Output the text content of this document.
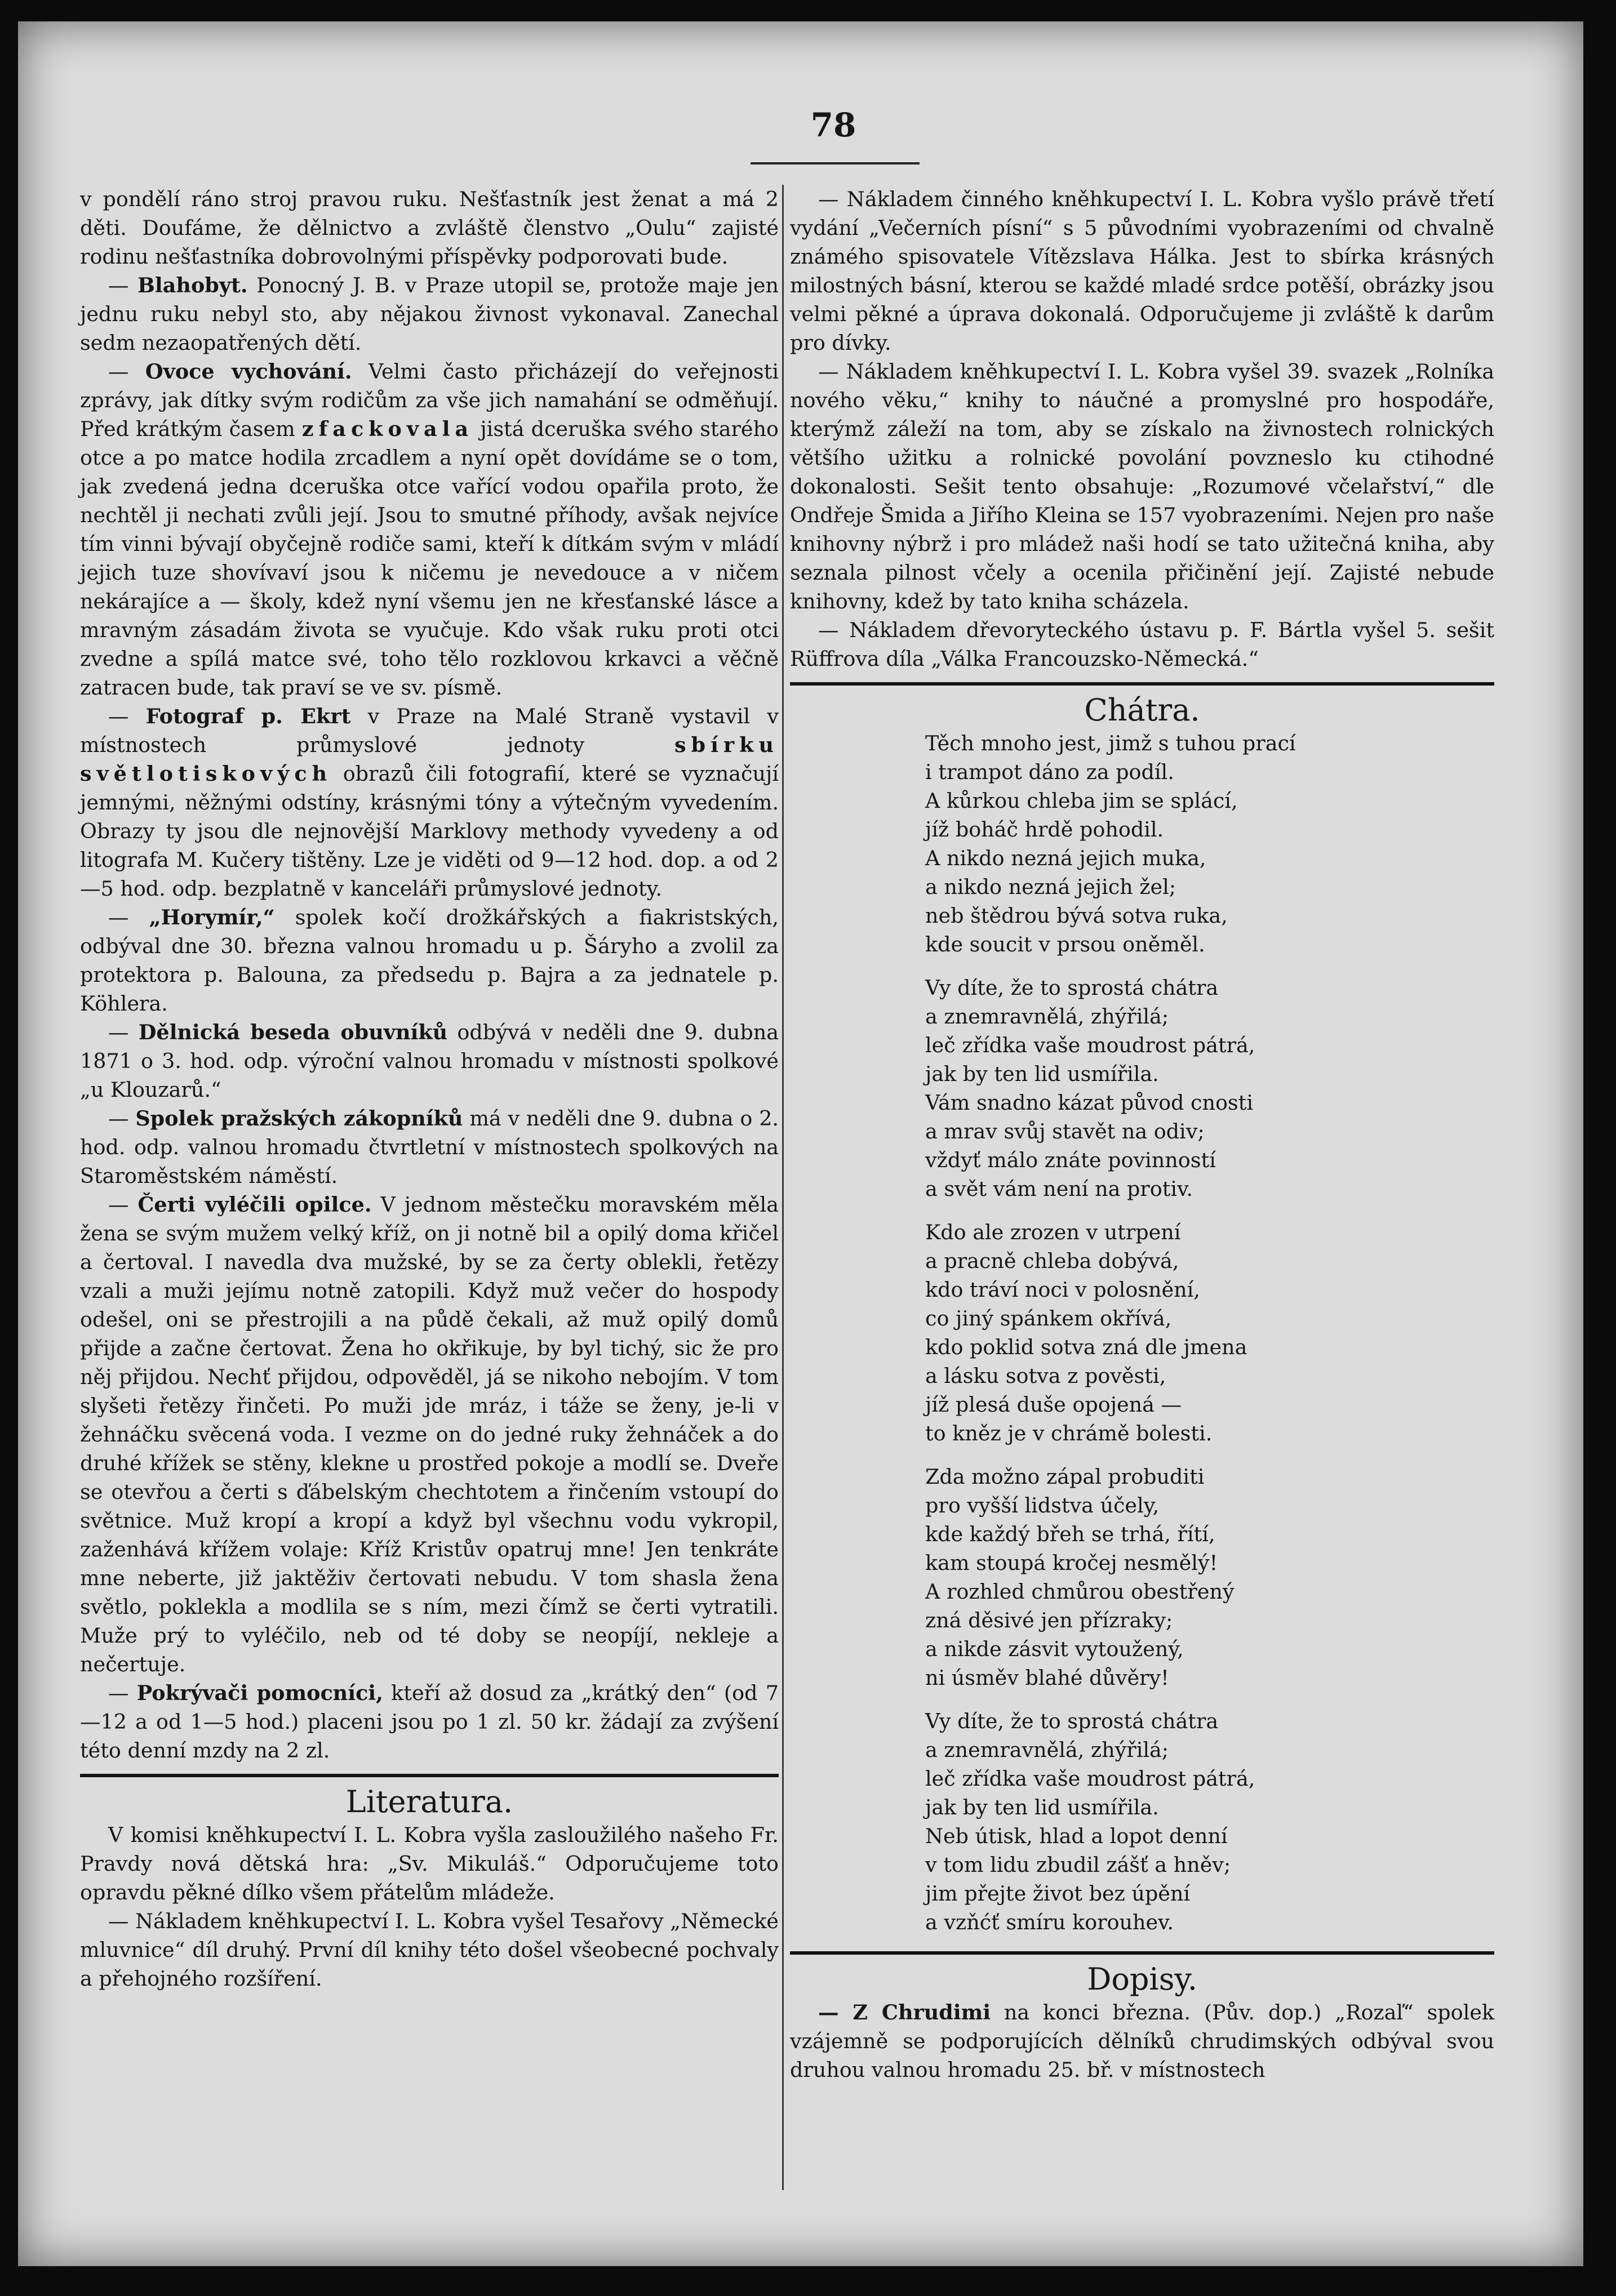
78

v pondělí ráno stroj pravou ruku. Nešťastník jest ženat a má 2 děti. Doufáme, že dělnictvo a zvláště členstvo „Oulu“ zajisté rodinu nešťastníka dobrovolnými příspěvky podporovati bude.

— Blahobyt. Ponocný J. B. v Praze utopil se, protože maje jen jednu ruku nebyl sto, aby nějakou živnost vykonaval. Zanechal sedm nezaopatřených dětí.

— Ovoce vychování. Velmi často přicházejí do veřejnosti zprávy, jak dítky svým rodičům za vše jich namahání se odměňují. Před krátkým časem zfackovala jistá dceruška svého starého otce a po matce hodila zrcadlem a nyní opět dovídáme se o tom, jak zvedená jedna dceruška otce vařící vodou opařila proto, že nechtěl ji nechati zvůli její. Jsou to smutné příhody, avšak nejvíce tím vinni bývají obyčejně rodiče sami, kteří k dítkám svým v mládí jejich tuze shovívaví jsou k ničemu je nevedouce a v ničem nekárajíce a — školy, kdež nyní všemu jen ne křesťanské lásce a mravným zásadám života se vyučuje. Kdo však ruku proti otci zvedne a spílá matce své, toho tělo rozklovou krkavci a věčně zatracen bude, tak praví se ve sv. písmě.

— Fotograf p. Ekrt v Praze na Malé Straně vystavil v místnostech průmyslové jednoty sbírku světlotiskových obrazů čili fotografií, které se vyznačují jemnými, něžnými odstíny, krásnými tóny a výtečným vyvedením. Obrazy ty jsou dle nejnovější Marklovy methody vyvedeny a od litografa M. Kučery tištěny. Lze je viděti od 9—12 hod. dop. a od 2—5 hod. odp. bezplatně v kanceláři průmyslové jednoty.

— „Horymír,“ spolek kočí drožkářských a fiakristských, odbýval dne 30. března valnou hromadu u p. Šáryho a zvolil za protektora p. Balouna, za předsedu p. Bajra a za jednatele p. Köhlera.

— Dělnická beseda obuvníků odbývá v neděli dne 9. dubna 1871 o 3. hod. odp. výroční valnou hromadu v místnosti spolkové „u Klouzarů.“

— Spolek pražských zákopníků má v neděli dne 9. dubna o 2. hod. odp. valnou hromadu čtvrtletní v místnostech spolkových na Staroměstském náměstí.

— Čerti vyléčili opilce. V jednom městečku moravském měla žena se svým mužem velký kříž, on ji notně bil a opilý doma křičel a čertoval. I navedla dva mužské, by se za čerty oblekli, řetězy vzali a muži jejímu notně zatopili. Když muž večer do hospody odešel, oni se přestrojili a na půdě čekali, až muž opilý domů přijde a začne čertovat. Žena ho okřikuje, by byl tichý, sic že pro něj přijdou. Nechť přijdou, odpověděl, já se nikoho nebojím. V tom slyšeti řetězy řinčeti. Po muži jde mráz, i táže se ženy, je-li v žehnáčku svěcená voda. I vezme on do jedné ruky žehnáček a do druhé křížek se stěny, klekne u prostřed pokoje a modlí se. Dveře se otevřou a čerti s ďábelským chechtotem a řinčením vstoupí do světnice. Muž kropí a kropí a když byl všechnu vodu vykropil, zaženhává křížem volaje: Kříž Kristův opatruj mne! Jen tenkráte mne neberte, již jaktěživ čertovati nebudu. V tom shasla žena světlo, poklekla a modlila se s ním, mezi čímž se čerti vytratili. Muže prý to vyléčilo, neb od té doby se neopíjí, nekleje a nečertuje.

— Pokrývači pomocníci, kteří až dosud za „krátký den“ (od 7—12 a od 1—5 hod.) placeni jsou po 1 zl. 50 kr. žádají za zvýšení této denní mzdy na 2 zl.

Literatura.

V komisi kněhkupectví I. L. Kobra vyšla zasloužilého našeho Fr. Pravdy nová dětská hra: „Sv. Mikuláš.“ Odporučujeme toto opravdu pěkné dílko všem přátelům mládeže.

— Nákladem kněhkupectví I. L. Kobra vyšel Tesařovy „Německé mluvnice“ díl druhý. První díl knihy této došel všeobecné pochvaly a přehojného rozšíření.

— Nákladem činného kněhkupectví I. L. Kobra vyšlo právě třetí vydání „Večerních písní“ s 5 původními vyobrazeními od chvalně známého spisovatele Vítězslava Hálka. Jest to sbírka krásných milostných básní, kterou se každé mladé srdce potěší, obrázky jsou velmi pěkné a úprava dokonalá. Odporučujeme ji zvláště k darům pro dívky.

— Nákladem kněhkupectví I. L. Kobra vyšel 39. svazek „Rolníka nového věku,“ knihy to náučné a promyslné pro hospodáře, kterýmž záleží na tom, aby se získalo na živnostech rolnických většího užitku a rolnické povolání povzneslo ku ctihodné dokonalosti. Sešit tento obsahuje: „Rozumové včelařství,“ dle Ondřeje Šmida a Jiřího Kleina se 157 vyobrazeními. Nejen pro naše knihovny nýbrž i pro mládež naši hodí se tato užitečná kniha, aby seznala pilnost včely a ocenila přičinění její. Zajisté nebude knihovny, kdež by tato kniha scházela.

— Nákladem dřevoryteckého ústavu p. F. Bártla vyšel 5. sešit Rüffrova díla „Válka Francouzsko-Německá.“

Chátra.
Těch mnoho jest, jimž s tuhou prací
i trampot dáno za podíl.
A kůrkou chleba jim se splácí,
jíž boháč hrdě pohodil.
A nikdo nezná jejich muka,
a nikdo nezná jejich žel;
neb štědrou bývá sotva ruka,
kde soucit v prsou oněměl.
Vy díte, že to sprostá chátra
a znemravnělá, zhýřilá;
leč zřídka vaše moudrost pátrá,
jak by ten lid usmířila.
Vám snadno kázat původ cnosti
a mrav svůj stavět na odiv;
vždyť málo znáte povinností
a svět vám není na protiv.
Kdo ale zrozen v utrpení
a pracně chleba dobývá,
kdo tráví noci v polosnění,
co jiný spánkem okřívá,
kdo poklid sotva zná dle jmena
a lásku sotva z pověsti,
jíž plesá duše opojená —
to kněz je v chrámě bolesti.
Zda možno zápal probuditi
pro vyšší lidstva účely,
kde každý břeh se trhá, řítí,
kam stoupá kročej nesmělý!
A rozhled chmůrou obestřený
zná děsivé jen přízraky;
a nikde zásvit vytoužený,
ni úsměv blahé důvěry!
Vy díte, že to sprostá chátra
a znemravnělá, zhýřilá;
leč zřídka vaše moudrost pátrá,
jak by ten lid usmířila.
Neb útisk, hlad a lopot denní
v tom lidu zbudil zášť a hněv;
jim přejte život bez úpění
a vzňćť smíru korouhev.
Dopisy.

— Z Chrudimi na konci března. (Pův. dop.) „Rozaľ“ spolek vzájemně se podporujících dělníků chrudimských odbýval svou druhou valnou hromadu 25. bř. v místnostech
